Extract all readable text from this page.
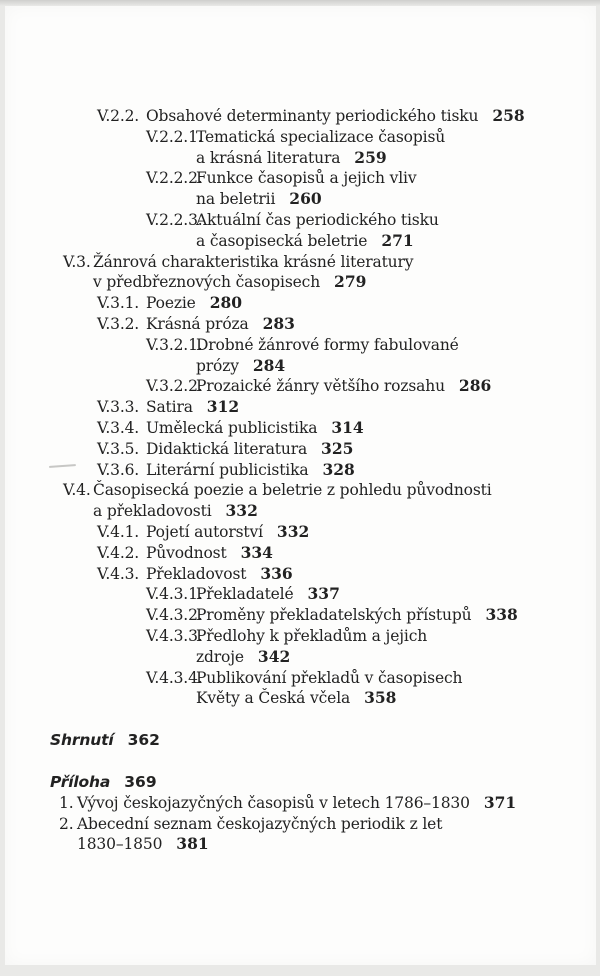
V.2.2. Obsahové determinanty periodického tisku 258
V.2.2.1.
Tematická specializace časopisů
a krásná literatura 259
V.2.2.2.
Funkce časopisů a jejich vliv
na beletrii 260
V.2.2.3.
Aktuální čas periodického tisku
a časopisecká beletrie 271
V.3. Žánrová charakteristika krásné literatury
v předbřeznových časopisech 279
V.3.1. Poezie 280
V.3.2. Krásná próza 283
V.3.2.1.
Drobné žánrové formy fabulované
prózy 284
V.3.2.2.
Prozaické žánry většího rozsahu 286
V.3.3. Satira 312
V.3.4. Umělecká publicistika 314
V.3.5. Didaktická literatura 325
V.3.6. Literární publicistika 328
V.4. Časopisecká poezie a beletrie z pohledu původnosti
a překladovosti 332
V.4.1. Pojetí autorství 332
V.4.2. Původnost 334
V.4.3. Překladovost 336
V.4.3.1.
Překladatelé 337
V.4.3.2.
Proměny překladatelských přístupů 338
V.4.3.3.
Předlohy k překladům a jejich
zdroje 342
V.4.3.4.
Publikování překladů v časopisech
Květy a Česká včela 358
Shrnutí 362
Příloha 369
1. Vývoj českojazyčných časopisů v letech 1786–1830 371
2. Abecední seznam českojazyčných periodik z let
1830–1850 381
